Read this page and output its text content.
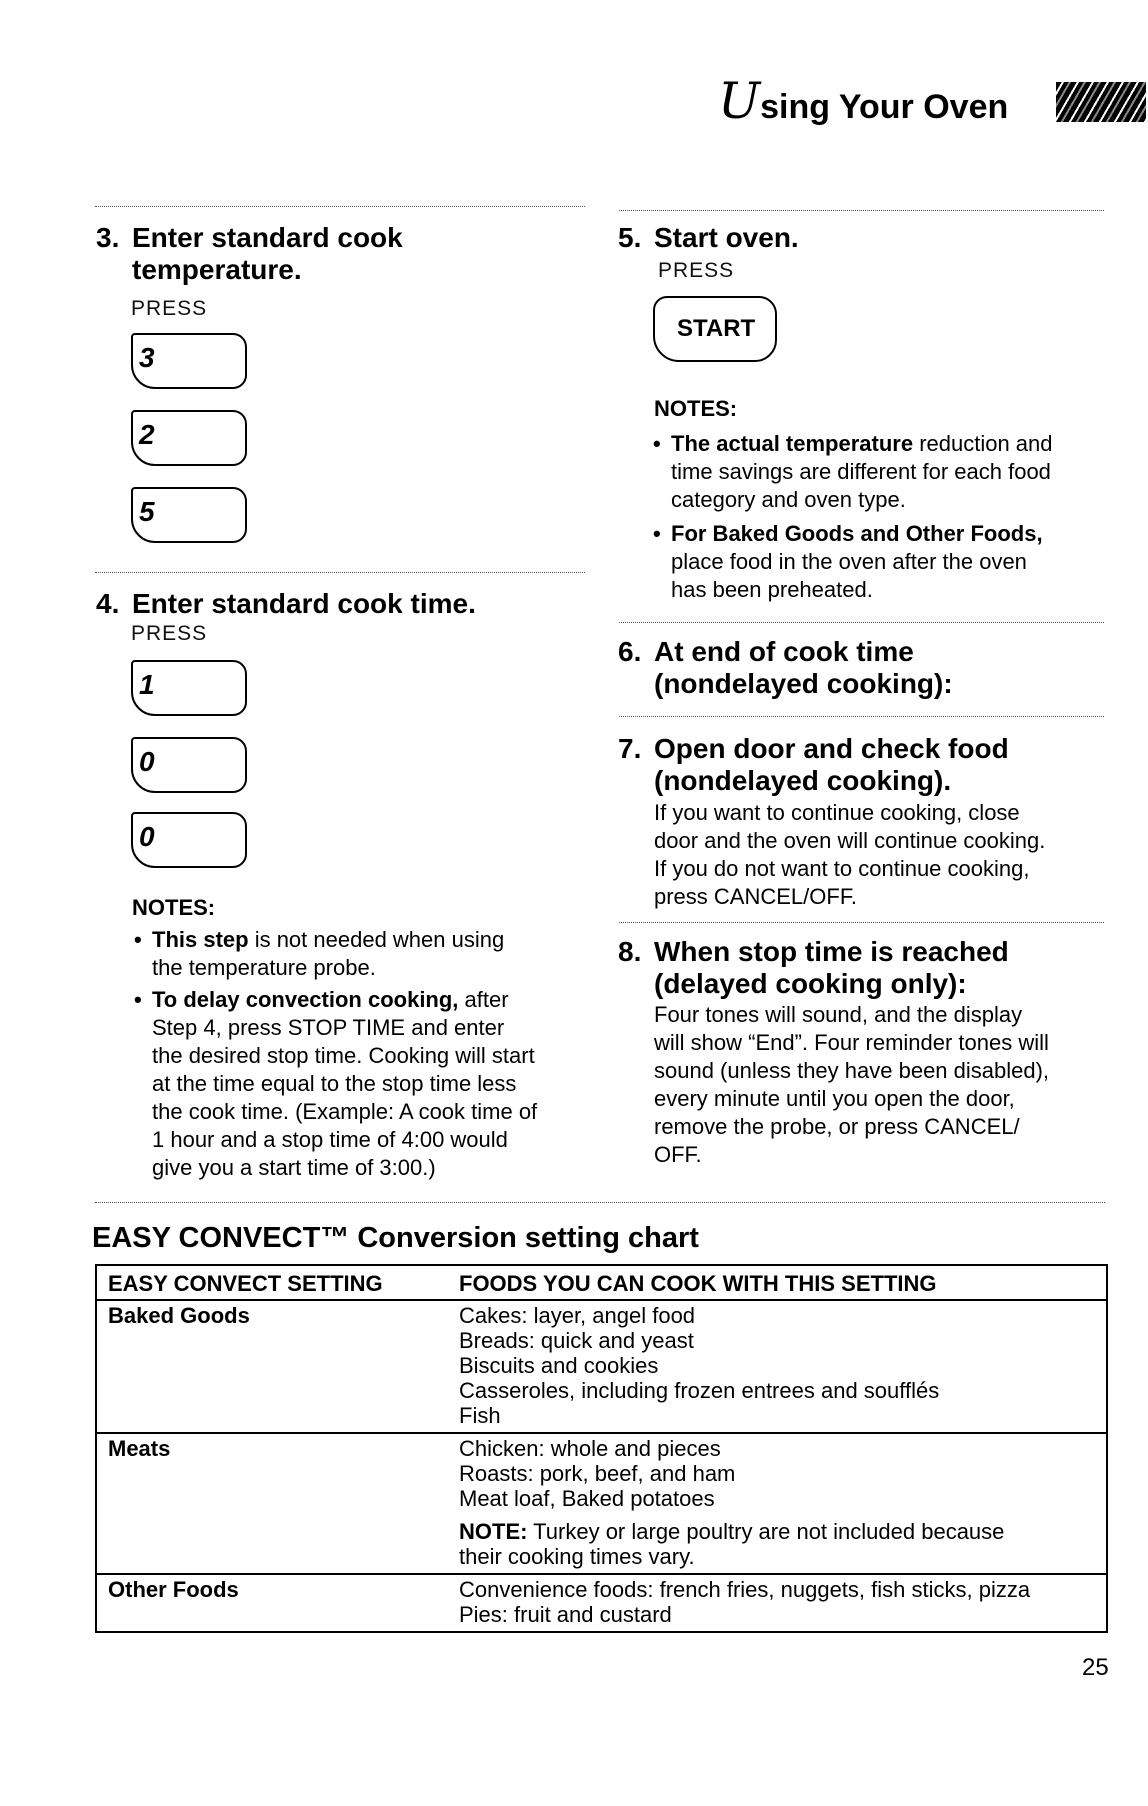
Using Your Oven
3. Enter standard cook
temperature.
PRESS
3
2
5
4. Enter standard cook time.
PRESS
1
0
0
NOTES:
• This step is not needed when using
the temperature probe.
• To delay convection cooking, after
Step 4, press STOP TIME and enter
the desired stop time. Cooking will start
at the time equal to the stop time less
the cook time. (Example: A cook time of
1 hour and a stop time of 4:00 would
give you a start time of 3:00.)
5. Start oven.
PRESS
START
NOTES:
• The actual temperature reduction and
time savings are different for each food
category and oven type.
• For Baked Goods and Other Foods,
place food in the oven after the oven
has been preheated.
6. At end of cook time
(nondelayed cooking):
7. Open door and check food
(nondelayed cooking).
If you want to continue cooking, close
door and the oven will continue cooking.
If you do not want to continue cooking,
press CANCEL/OFF.
8. When stop time is reached
(delayed cooking only):
Four tones will sound, and the display
will show “End”. Four reminder tones will
sound (unless they have been disabled),
every minute until you open the door,
remove the probe, or press CANCEL/
OFF.
EASY CONVECT™ Conversion setting chart
EASY CONVECT SETTING	FOODS YOU CAN COOK WITH THIS SETTING
Baked Goods	Cakes: layer, angel food
Breads: quick and yeast
Biscuits and cookies
Casseroles, including frozen entrees and soufflés
Fish

Meats	Chicken: whole and pieces
Roasts: pork, beef, and ham
Meat loaf, Baked potatoes
NOTE: Turkey or large poultry are not included because
their cooking times vary.

Other Foods	Convenience foods: french fries, nuggets, fish sticks, pizza
Pies: fruit and custard
25
